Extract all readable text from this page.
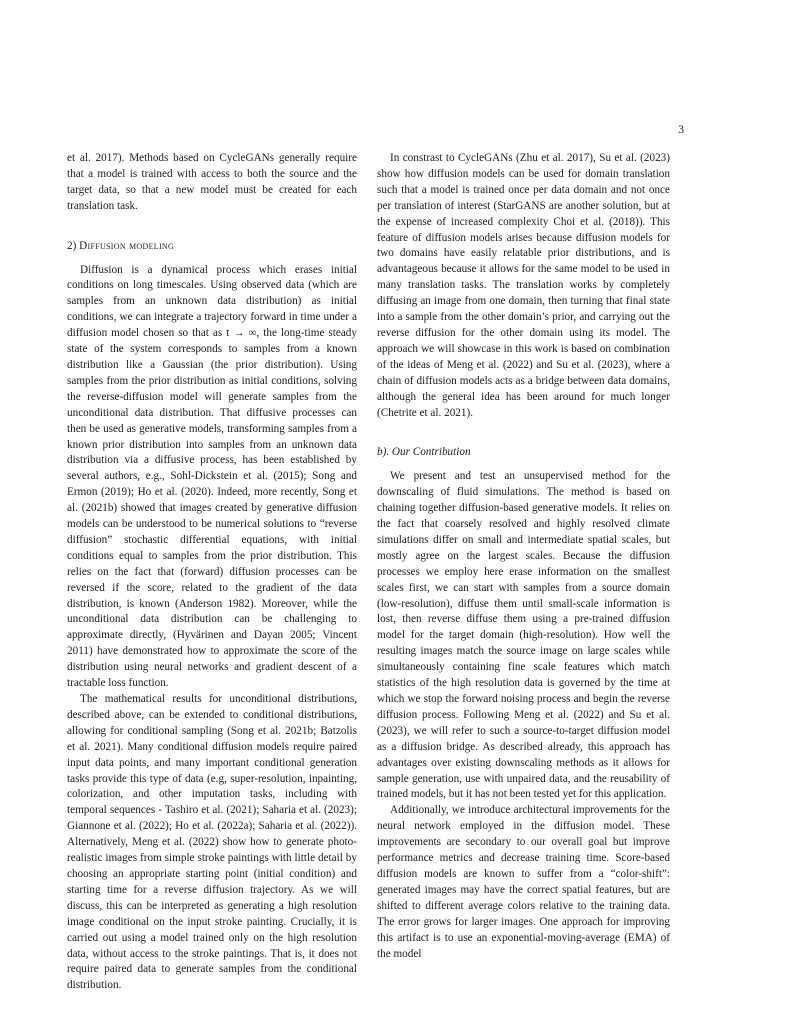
3

et al. 2017). Methods based on CycleGANs generally require that a model is trained with access to both the source and the target data, so that a new model must be created for each translation task.

2) Diffusion modeling

Diffusion is a dynamical process which erases initial conditions on long timescales. Using observed data (which are samples from an unknown data distribution) as initial conditions, we can integrate a trajectory forward in time under a diffusion model chosen so that as t → ∞, the long-time steady state of the system corresponds to samples from a known distribution like a Gaussian (the prior distribution). Using samples from the prior distribution as initial conditions, solving the reverse-diffusion model will generate samples from the unconditional data distribution. That diffusive processes can then be used as generative models, transforming samples from a known prior distribution into samples from an unknown data distribution via a diffusive process, has been established by several authors, e.g., Sohl-Dickstein et al. (2015); Song and Ermon (2019); Ho et al. (2020). Indeed, more recently, Song et al. (2021b) showed that images created by generative diffusion models can be understood to be numerical solutions to “reverse diffusion” stochastic differential equations, with initial conditions equal to samples from the prior distribution. This relies on the fact that (forward) diffusion processes can be reversed if the score, related to the gradient of the data distribution, is known (Anderson 1982). Moreover, while the unconditional data distribution can be challenging to approximate directly, (Hyvärinen and Dayan 2005; Vincent 2011) have demonstrated how to approximate the score of the distribution using neural networks and gradient descent of a tractable loss function.

The mathematical results for unconditional distributions, described above, can be extended to conditional distributions, allowing for conditional sampling (Song et al. 2021b; Batzolis et al. 2021). Many conditional diffusion models require paired input data points, and many important conditional generation tasks provide this type of data (e.g, super-resolution, inpainting, colorization, and other imputation tasks, including with temporal sequences - Tashiro et al. (2021); Saharia et al. (2023); Giannone et al. (2022); Ho et al. (2022a); Saharia et al. (2022)). Alternatively, Meng et al. (2022) show how to generate photo-realistic images from simple stroke paintings with little detail by choosing an appropriate starting point (initial condition) and starting time for a reverse diffusion trajectory. As we will discuss, this can be interpreted as generating a high resolution image conditional on the input stroke painting. Crucially, it is carried out using a model trained only on the high resolution data, without access to the stroke paintings. That is, it does not require paired data to generate samples from the conditional distribution.

In constrast to CycleGANs (Zhu et al. 2017), Su et al. (2023) show how diffusion models can be used for domain translation such that a model is trained once per data domain and not once per translation of interest (StarGANS are another solution, but at the expense of increased complexity Choi et al. (2018)). This feature of diffusion models arises because diffusion models for two domains have easily relatable prior distributions, and is advantageous because it allows for the same model to be used in many translation tasks. The translation works by completely diffusing an image from one domain, then turning that final state into a sample from the other domain’s prior, and carrying out the reverse diffusion for the other domain using its model. The approach we will showcase in this work is based on combination of the ideas of Meng et al. (2022) and Su et al. (2023), where a chain of diffusion models acts as a bridge between data domains, although the general idea has been around for much longer (Chetrite et al. 2021).

b). Our Contribution

We present and test an unsupervised method for the downscaling of fluid simulations. The method is based on chaining together diffusion-based generative models. It relies on the fact that coarsely resolved and highly resolved climate simulations differ on small and intermediate spatial scales, but mostly agree on the largest scales. Because the diffusion processes we employ here erase information on the smallest scales first, we can start with samples from a source domain (low-resolution), diffuse them until small-scale information is lost, then reverse diffuse them using a pre-trained diffusion model for the target domain (high-resolution). How well the resulting images match the source image on large scales while simultaneously containing fine scale features which match statistics of the high resolution data is governed by the time at which we stop the forward noising process and begin the reverse diffusion process. Following Meng et al. (2022) and Su et al. (2023), we will refer to such a source-to-target diffusion model as a diffusion bridge. As described already, this approach has advantages over existing downscaling methods as it allows for sample generation, use with unpaired data, and the reusability of trained models, but it has not been tested yet for this application.

Additionally, we introduce architectural improvements for the neural network employed in the diffusion model. These improvements are secondary to our overall goal but improve performance metrics and decrease training time. Score-based diffusion models are known to suffer from a “color-shift”: generated images may have the correct spatial features, but are shifted to different average colors relative to the training data. The error grows for larger images. One approach for improving this artifact is to use an exponential-moving-average (EMA) of the model
